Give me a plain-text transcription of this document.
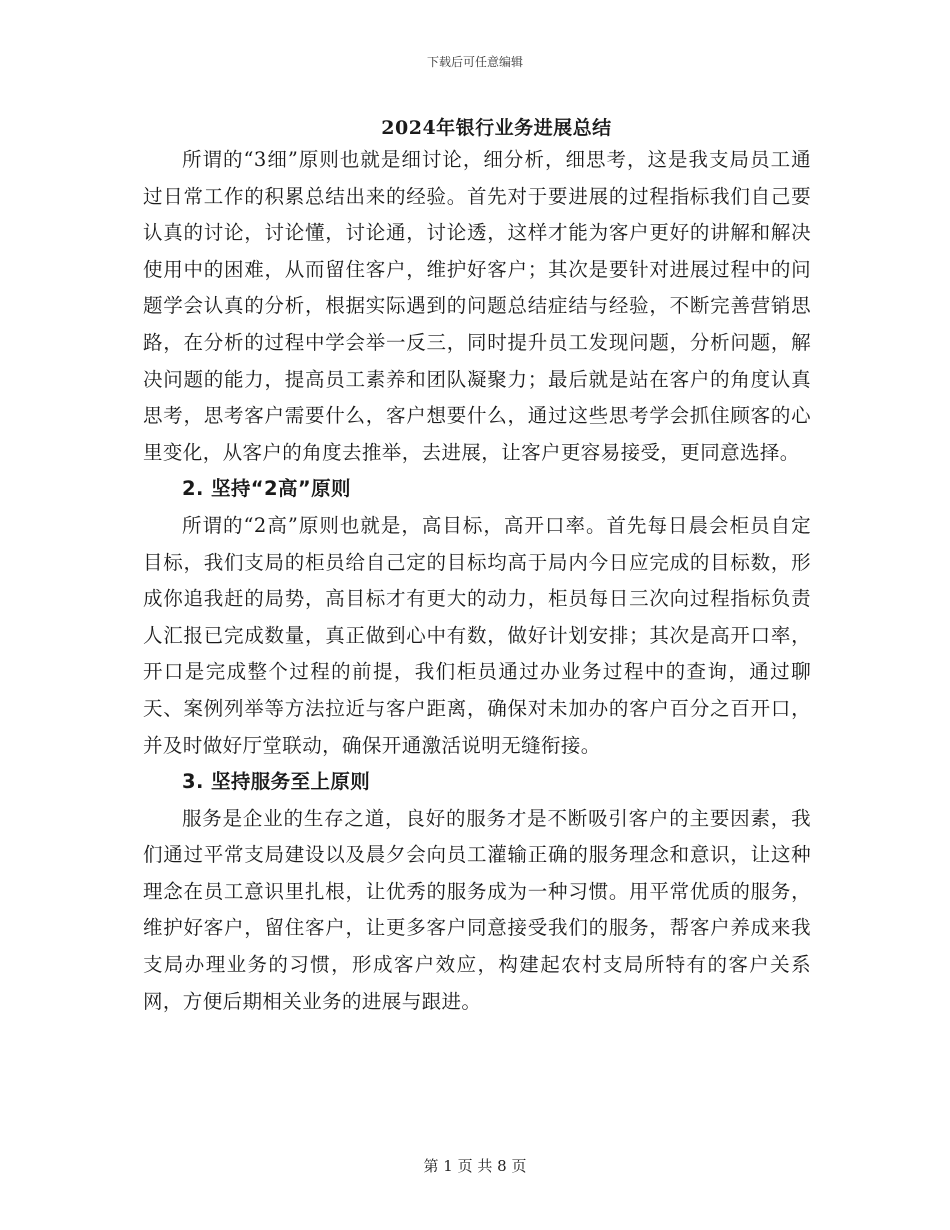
下载后可任意编辑
2024年银行业务进展总结

所谓的“3细”原则也就是细讨论，细分析，细思考，这是我支局员工通过日常工作的积累总结出来的经验。首先对于要进展的过程指标我们自己要认真的讨论，讨论懂，讨论通，讨论透，这样才能为客户更好的讲解和解决使用中的困难，从而留住客户，维护好客户；其次是要针对进展过程中的问题学会认真的分析，根据实际遇到的问题总结症结与经验，不断完善营销思路，在分析的过程中学会举一反三，同时提升员工发现问题，分析问题，解决问题的能力，提高员工素养和团队凝聚力；最后就是站在客户的角度认真思考，思考客户需要什么，客户想要什么，通过这些思考学会抓住顾客的心里变化，从客户的角度去推举，去进展，让客户更容易接受，更同意选择。

2. 坚持“2高”原则

所谓的“2高”原则也就是，高目标，高开口率。首先每日晨会柜员自定目标，我们支局的柜员给自己定的目标均高于局内今日应完成的目标数，形成你追我赶的局势，高目标才有更大的动力，柜员每日三次向过程指标负责人汇报已完成数量，真正做到心中有数，做好计划安排；其次是高开口率，开口是完成整个过程的前提，我们柜员通过办业务过程中的查询，通过聊天、案例列举等方法拉近与客户距离，确保对未加办的客户百分之百开口，并及时做好厅堂联动，确保开通激活说明无缝衔接。

3. 坚持服务至上原则

服务是企业的生存之道，良好的服务才是不断吸引客户的主要因素，我们通过平常支局建设以及晨夕会向员工灌输正确的服务理念和意识，让这种理念在员工意识里扎根，让优秀的服务成为一种习惯。用平常优质的服务，维护好客户，留住客户，让更多客户同意接受我们的服务，帮客户养成来我支局办理业务的习惯，形成客户效应，构建起农村支局所特有的客户关系网，方便后期相关业务的进展与跟进。

第 1 页 共 8 页
